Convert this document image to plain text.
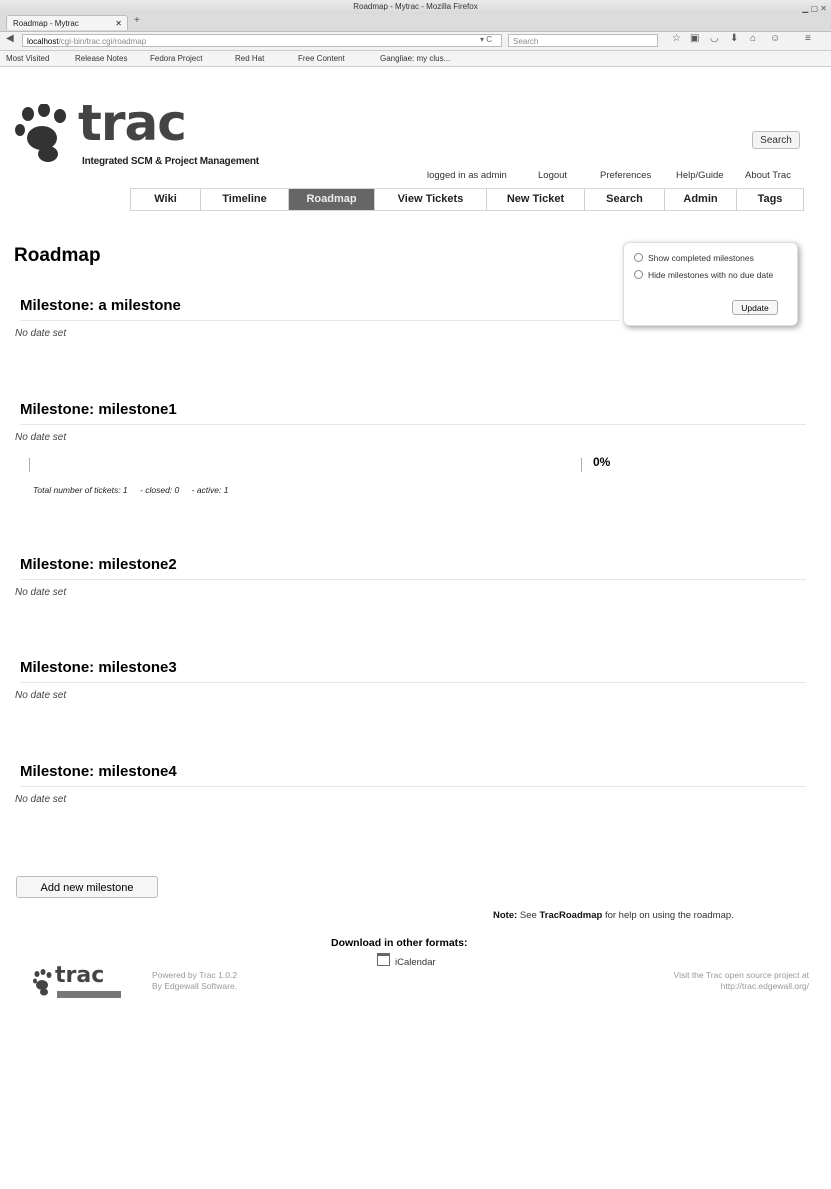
Roadmap - Mytrac - Mozilla Firefox	▁ ▢ ✕
Roadmap - Mytrac	✕ +
◀	localhost/cgi-bin/trac.cgi/roadmap	▾ C	Search	☆ ▣ ◡ ⬇ ⌂ ☺ ≡
Most Visited	Release Notes	Fedora Project	Red Hat	Free Content	Gangliae: my clus...
trac
Integrated SCM & Project Management
Search
logged in as admin	Logout	Preferences	Help/Guide About Trac
Wiki	Timeline	Roadmap	View Tickets	New Ticket	Search	Admin	Tags
Roadmap	Show completed milestones
Hide milestones with no due date
Update
Milestone: a milestone
No date set
Milestone: milestone1
No date set
0%
Total number of tickets: 1 - closed: 0 - active: 1
Milestone: milestone2
No date set
Milestone: milestone3
No date set
Milestone: milestone4
No date set
Add new milestone
Note: See TracRoadmap for help on using the roadmap.
Download in other formats:
iCalendar
trac	Powered by Trac 1.0.2
By Edgewall Software.
Visit the Trac open source project at
http://trac.edgewall.org/
